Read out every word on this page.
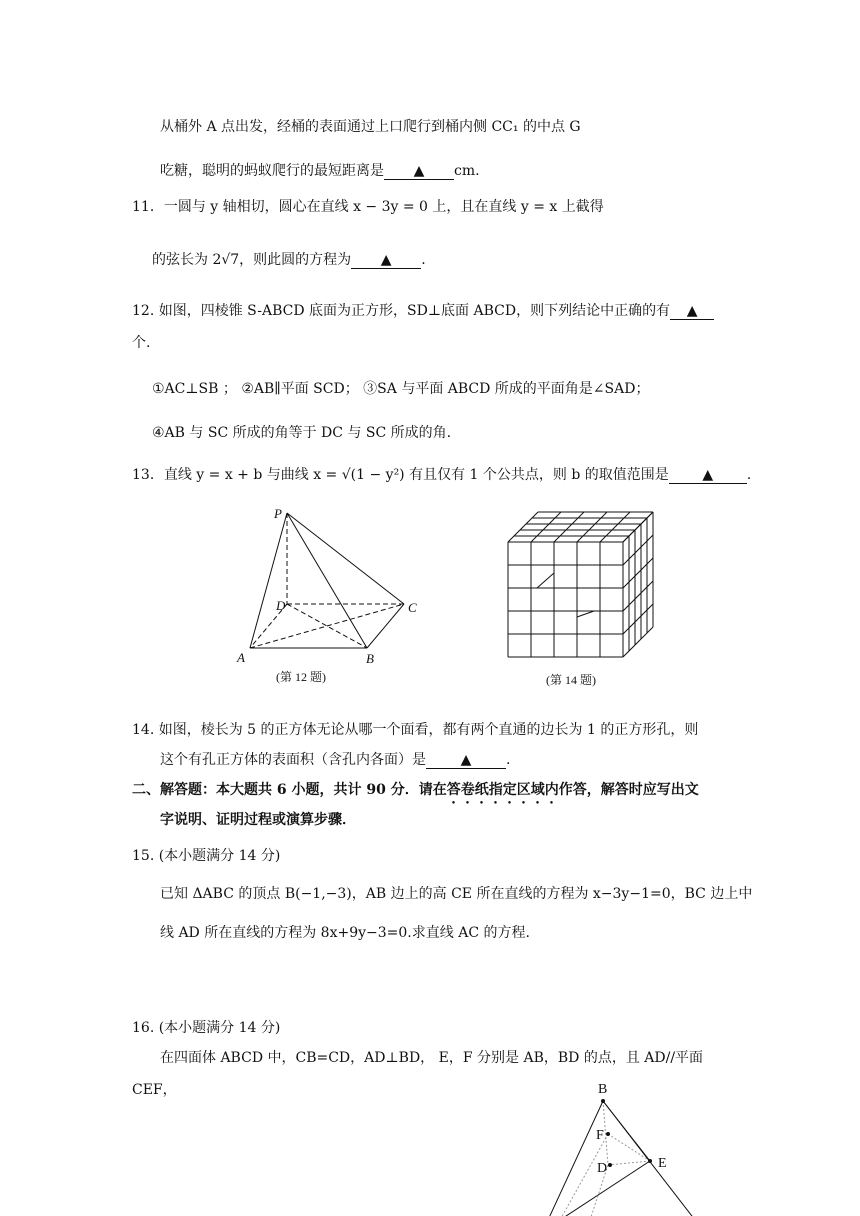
从桶外 A 点出发，经桶的表面通过上口爬行到桶内侧 CC₁ 的中点 G
吃糖，聪明的蚂蚁爬行的最短距离是 ▲ cm.
11．一圆与 y 轴相切，圆心在直线 x − 3y = 0 上，且在直线 y = x 上截得
的弦长为 2√7，则此圆的方程为 ▲ .
12. 如图，四棱锥 S-ABCD 底面为正方形，SD⊥底面 ABCD，则下列结论中正确的有 ▲
个.
①AC⊥SB ； ②AB∥平面 SCD； ③SA 与平面 ABCD 所成的平面角是∠SAD；
④AB 与 SC 所成的角等于 DC 与 SC 所成的角.
13．直线 y = x + b 与曲线 x = √(1 − y²) 有且仅有 1 个公共点，则 b 的取值范围是 ▲ .
P
D	C
A	B
(第 12 题)	(第 14 题)
14. 如图，棱长为 5 的正方体无论从哪一个面看，都有两个直通的边长为 1 的正方形孔，则
这个有孔正方体的表面积（含孔内各面）是 ▲ .
二、解答题：本大题共 6 小题，共计 90 分．请在答卷纸指定区域内作答，解答时应写出文
字说明、证明过程或演算步骤．
15. (本小题满分 14 分)
已知 ΔABC 的顶点 B(−1,−3)，AB 边上的高 CE 所在直线的方程为 x−3y−1=0，BC 边上中
线 AD 所在直线的方程为 8x+9y−3=0.求直线 AC 的方程.
16. (本小题满分 14 分)
在四面体 ABCD 中，CB=CD，AD⊥BD， E，F 分别是 AB，BD 的点，且 AD//平面
CEF，	B
F
D	E
